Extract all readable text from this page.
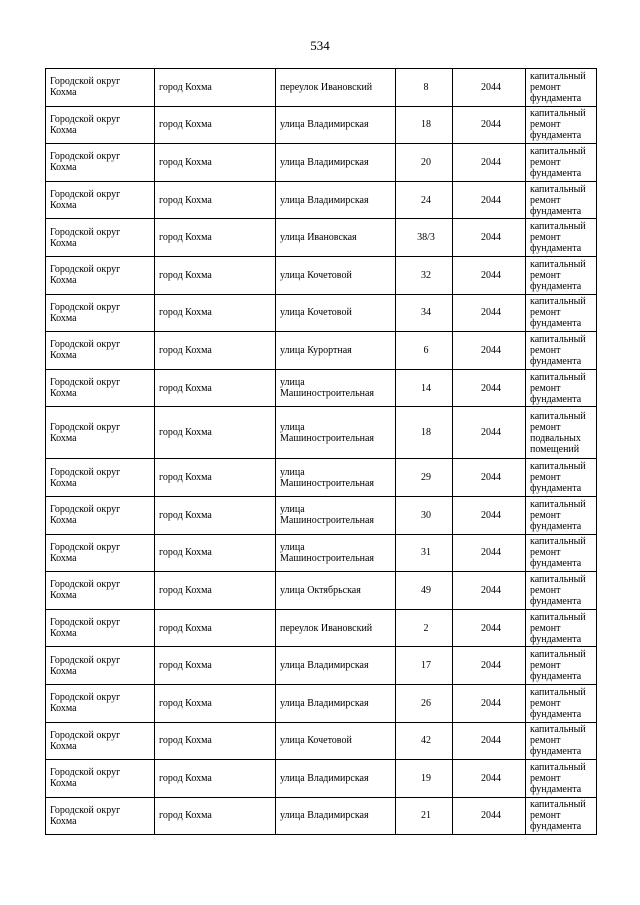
534
Городской округ
Кохма	город Кохма	переулок Ивановский	8	2044	капитальный
ремонт
фундамента

Городской округ
Кохма	город Кохма	улица Владимирская	18	2044	капитальный
ремонт
фундамента

Городской округ
Кохма	город Кохма	улица Владимирская	20	2044	капитальный
ремонт
фундамента

Городской округ
Кохма	город Кохма	улица Владимирская	24	2044	капитальный
ремонт
фундамента

Городской округ
Кохма	город Кохма	улица Ивановская	38/3	2044	капитальный
ремонт
фундамента

Городской округ
Кохма	город Кохма	улица Кочетовой	32	2044	капитальный
ремонт
фундамента

Городской округ
Кохма	город Кохма	улица Кочетовой	34	2044	капитальный
ремонт
фундамента

Городской округ
Кохма	город Кохма	улица Курортная	6	2044	капитальный
ремонт
фундамента

Городской округ
Кохма	город Кохма	улица
Машиностроительная	14	2044	капитальный
ремонт
фундамента

Городской округ
Кохма	город Кохма	улица
Машиностроительная	18	2044	капитальный
ремонт
подвальных
помещений

Городской округ
Кохма	город Кохма	улица
Машиностроительная	29	2044	капитальный
ремонт
фундамента

Городской округ
Кохма	город Кохма	улица
Машиностроительная	30	2044	капитальный
ремонт
фундамента

Городской округ
Кохма	город Кохма	улица
Машиностроительная	31	2044	капитальный
ремонт
фундамента

Городской округ
Кохма	город Кохма	улица Октябрьская	49	2044	капитальный
ремонт
фундамента

Городской округ
Кохма	город Кохма	переулок Ивановский	2	2044	капитальный
ремонт
фундамента

Городской округ
Кохма	город Кохма	улица Владимирская	17	2044	капитальный
ремонт
фундамента

Городской округ
Кохма	город Кохма	улица Владимирская	26	2044	капитальный
ремонт
фундамента

Городской округ
Кохма	город Кохма	улица Кочетовой	42	2044	капитальный
ремонт
фундамента

Городской округ
Кохма	город Кохма	улица Владимирская	19	2044	капитальный
ремонт
фундамента

Городской округ
Кохма	город Кохма	улица Владимирская	21	2044	капитальный
ремонт
фундамента
